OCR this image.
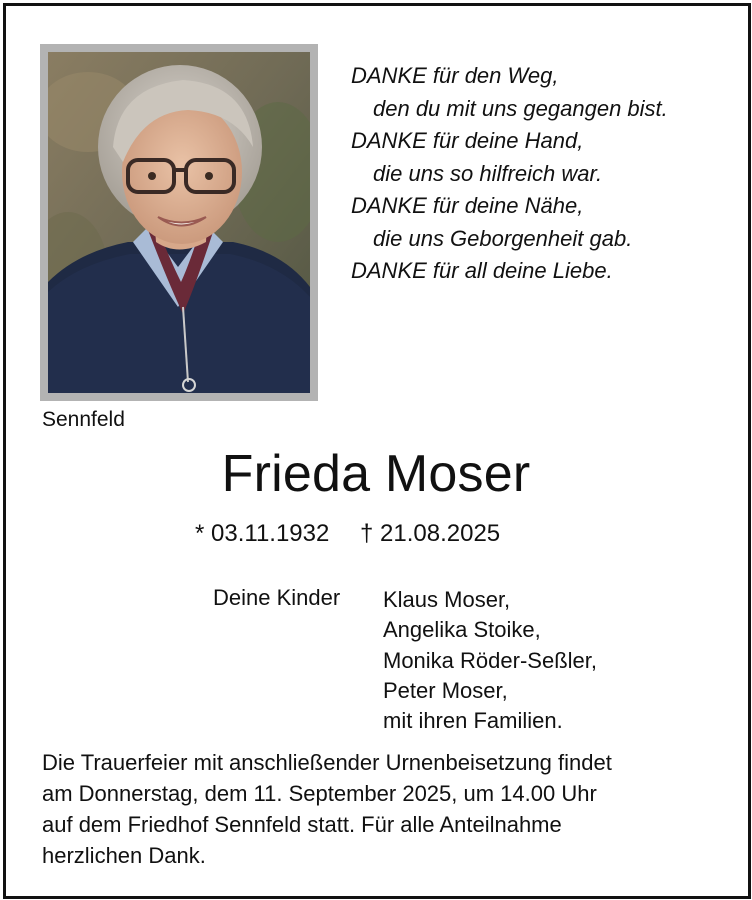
DANKE für den Weg,
den du mit uns gegangen bist.
DANKE für deine Hand,
die uns so hilfreich war.
DANKE für deine Nähe,
die uns Geborgenheit gab.
DANKE für all deine Liebe.
Sennfeld
Frieda Moser
* 03.11.1932 † 21.08.2025
Deine Kinder Klaus Moser,
Angelika Stoike,
Monika Röder-Seßler,
Peter Moser,
mit ihren Familien.
Die Trauerfeier mit anschließender Urnenbeisetzung findet
am Donnerstag, dem 11. September 2025, um 14.00 Uhr
auf dem Friedhof Sennfeld statt. Für alle Anteilnahme
herzlichen Dank.
